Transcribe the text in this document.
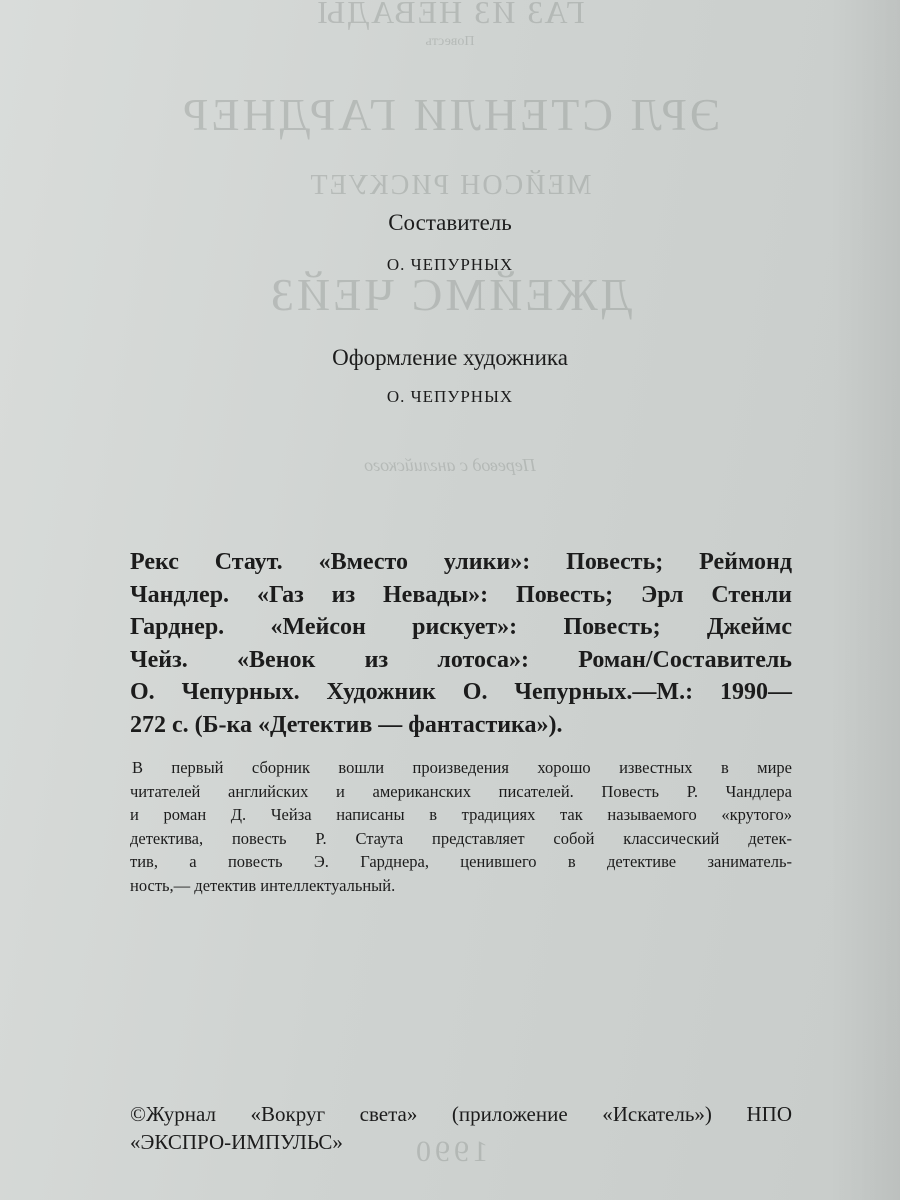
ГАЗ ИЗ НЕВАДЫ
Повесть
ЭРЛ СТЕНЛИ ГАРДНЕР
МЕЙСОН РИСКУЕТ
ДЖЕЙМС ЧЕЙЗ
Перевод с английского
1990
Составитель
О. ЧЕПУРНЫХ
Оформление художника
О. ЧЕПУРНЫХ
Рекс Стаут. «Вместо улики»: Повесть; Реймонд
Чандлер. «Газ из Невады»: Повесть; Эрл Стенли
Гарднер. «Мейсон рискует»: Повесть; Джеймс
Чейз. «Венок из лотоса»: Роман/Составитель
О. Чепурных. Художник О. Чепурных.—М.: 1990—
272 с. (Б-ка «Детектив — фантастика»).
В первый сборник вошли произведения хорошо известных в мире
читателей английских и американских писателей. Повесть Р. Чандлера
и роман Д. Чейза написаны в традициях так называемого «крутого»
детектива, повесть Р. Стаута представляет собой классический детек-
тив, а повесть Э. Гарднера, ценившего в детективе заниматель-
ность,— детектив интеллектуальный.
©Журнал «Вокруг света» (приложение «Искатель») НПО
«ЭКСПРО-ИМПУЛЬС»
